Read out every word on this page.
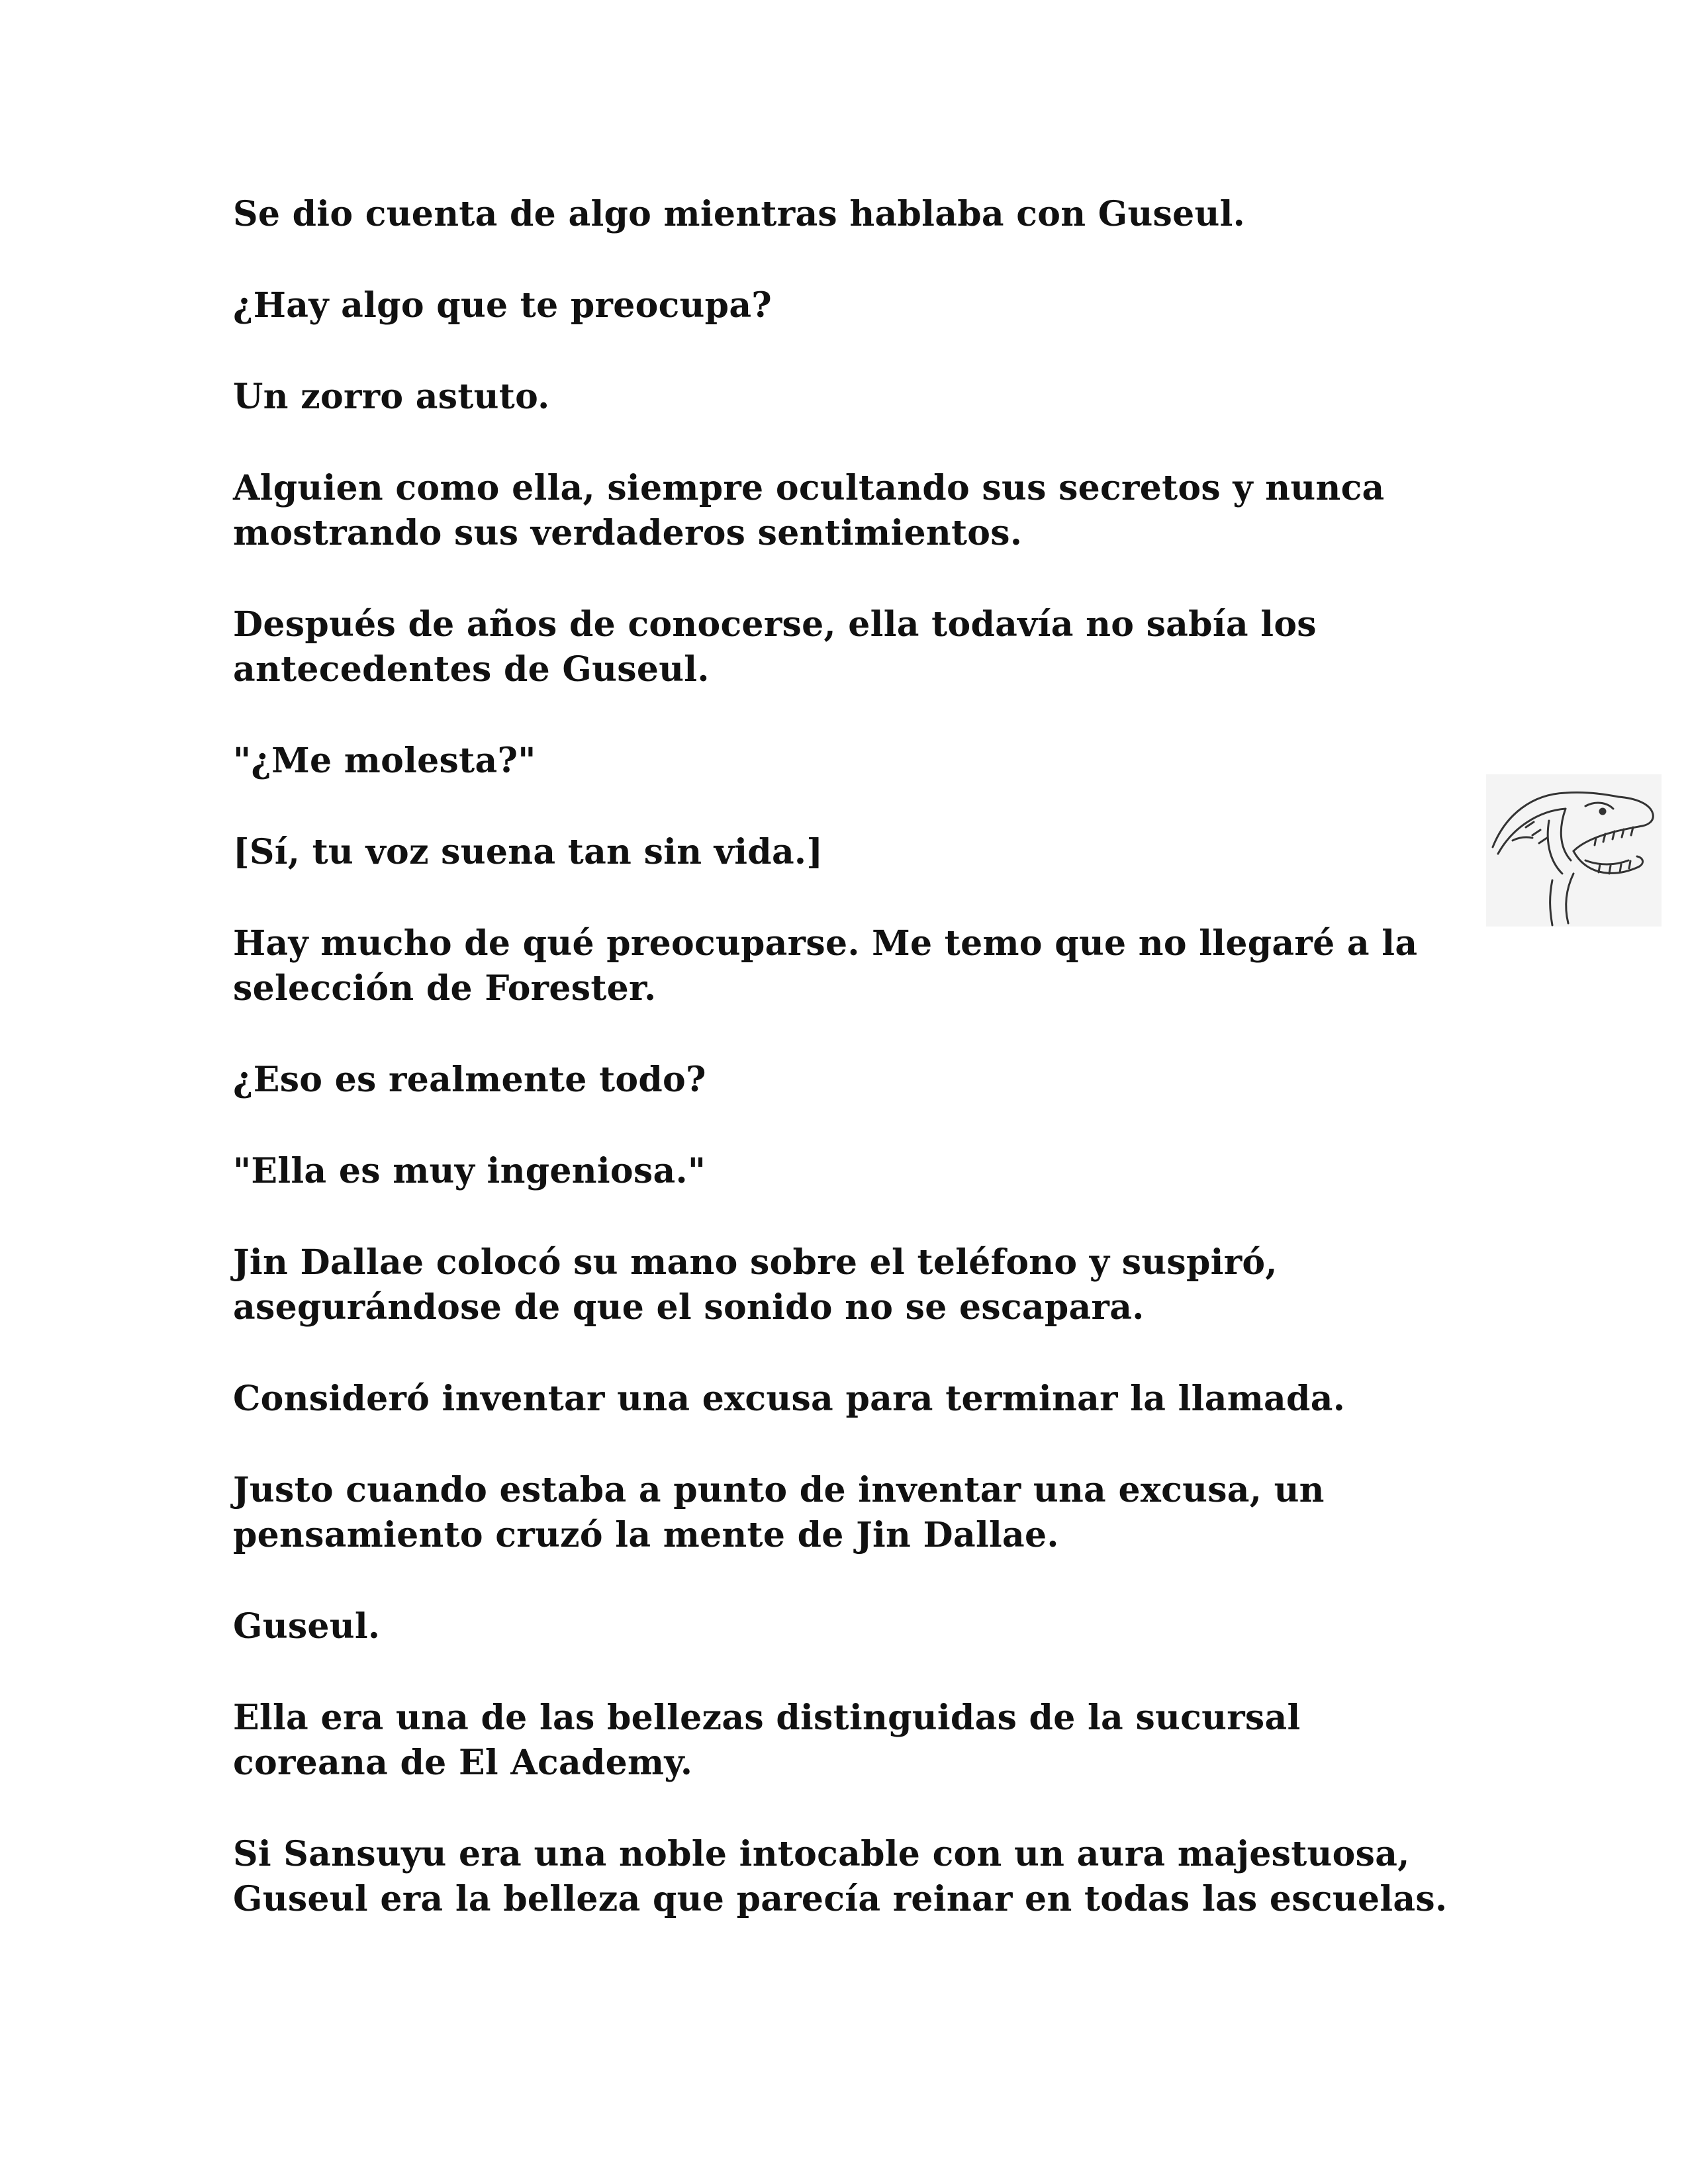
Se dio cuenta de algo mientras hablaba con Guseul.

¿Hay algo que te preocupa?

Un zorro astuto.

Alguien como ella, siempre ocultando sus secretos y nunca
mostrando sus verdaderos sentimientos.

Después de años de conocerse, ella todavía no sabía los
antecedentes de Guseul.

"¿Me molesta?"

[Sí, tu voz suena tan sin vida.]

Hay mucho de qué preocuparse. Me temo que no llegaré a la
selección de Forester.

¿Eso es realmente todo?

"Ella es muy ingeniosa."

Jin Dallae colocó su mano sobre el teléfono y suspiró,
asegurándose de que el sonido no se escapara.

Consideró inventar una excusa para terminar la llamada.

Justo cuando estaba a punto de inventar una excusa, un
pensamiento cruzó la mente de Jin Dallae.

Guseul.

Ella era una de las bellezas distinguidas de la sucursal
coreana de El Academy.

Si Sansuyu era una noble intocable con un aura majestuosa,
Guseul era la belleza que parecía reinar en todas las escuelas.
